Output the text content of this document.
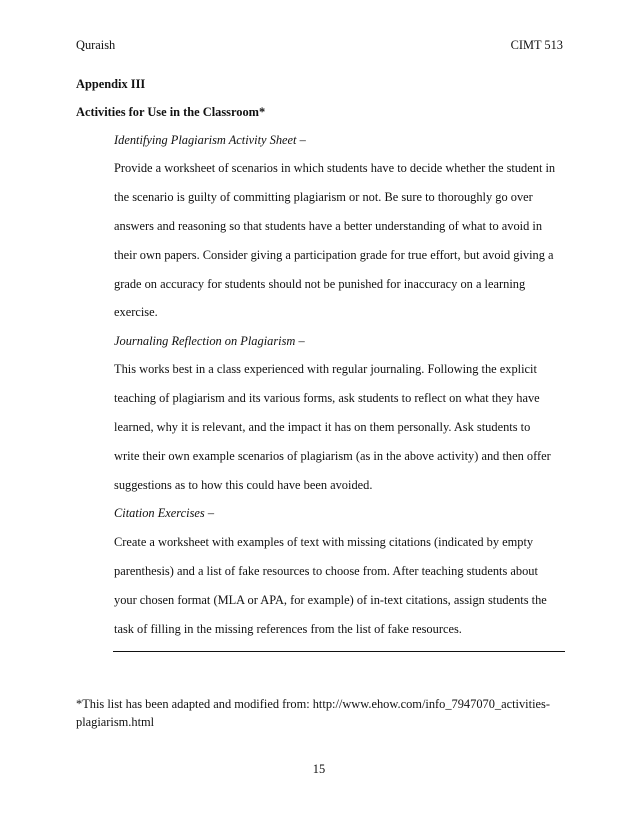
Quraish	CIMT 513
Appendix III
Activities for Use in the Classroom*
Identifying Plagiarism Activity Sheet –
Provide a worksheet of scenarios in which students have to decide whether the student in
the scenario is guilty of committing plagiarism or not. Be sure to thoroughly go over
answers and reasoning so that students have a better understanding of what to avoid in
their own papers. Consider giving a participation grade for true effort, but avoid giving a
grade on accuracy for students should not be punished for inaccuracy on a learning
exercise.
Journaling Reflection on Plagiarism –
This works best in a class experienced with regular journaling. Following the explicit
teaching of plagiarism and its various forms, ask students to reflect on what they have
learned, why it is relevant, and the impact it has on them personally. Ask students to
write their own example scenarios of plagiarism (as in the above activity) and then offer
suggestions as to how this could have been avoided.
Citation Exercises –
Create a worksheet with examples of text with missing citations (indicated by empty
parenthesis) and a list of fake resources to choose from. After teaching students about
your chosen format (MLA or APA, for example) of in-text citations, assign students the
task of filling in the missing references from the list of fake resources.
*This list has been adapted and modified from: http://www.ehow.com/info_7947070_activities-
plagiarism.html
15
